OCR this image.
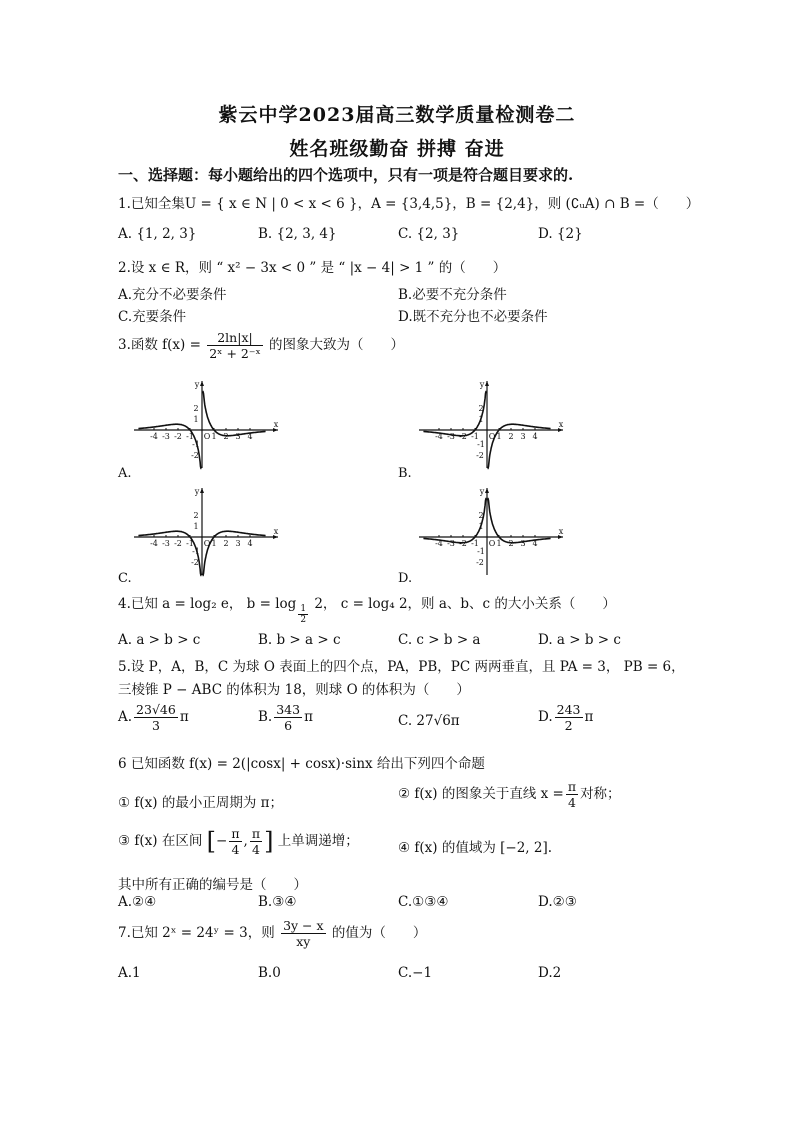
紫云中学2023届高三数学质量检测卷二
姓名班级勤奋 拼搏 奋进
一、选择题：每小题给出的四个选项中，只有一项是符合题目要求的.
1.已知全集U = { x ∈ N | 0 < x < 6 }，A = {3,4,5}，B = {2,4}，则 (∁ᵤA) ∩ B =（　　）
A. {1, 2, 3}	B. {2, 3, 4}	C. {2, 3}	D. {2}
2.设 x ∈ R，则 “ x² − 3x < 0 ” 是 “ |x − 4| > 1 ” 的（　　）
A.充分不必要条件	B.必要不充分条件
C.充要条件	D.既不充分也不必要条件
3.函数 $f(x) = \frac{2\ln|x|}{\text{2ˣ + 2⁻ˣ}}$ 的图象大致为（　　）
x
y
-1 1
-2	2
-3	3
-4	4
O
2
1
-1
-2
x
y
-1 1
-2	2
-3	3
-4	4
O
2
1
-1
-2
x
y
-1 1
-2	2
-3	3
-4	4
O
2
1
-1
-2
x
y
-1 1
-2	2
-3	3
-4	4
O
2
1
-1
-2
A.	B.
C.	D.
4.已知 a = log₂ e， $b = \log \frac{1}{2} 2$， c = log₄ 2，则 a、b、c 的大小关系（　　）
A. a > b > c	B. b > a > c	C. c > b > a	D. a > b > c
5.设 P，A，B，C 为球 O 表面上的四个点，PA，PB，PC 两两垂直，且 PA = 3， PB = 6，
三棱锥 P − ABC 的体积为 18，则球 O 的体积为（　　）
A. $\frac{23√46}{3}$ π	B. $\frac{343}{6}$ π	C. 27√6π	D. $\frac{243}{2}$ π
6 已知函数 f(x) = 2(|cosx| + cosx)·sinx 给出下列四个命题
① f(x) 的最小正周期为 π；
② f(x) 的图象关于直线 $x = \frac{\pi}{4}$ 对称；
③ f(x) 在区间 [− $\frac{\pi}{4}$ , $\frac{\pi}{4}$ ] 上单调递增；	④ f(x) 的值域为 [−2, 2].
其中所有正确的编号是（　　）
A.②④	B.③④	C.①③④	D.②③
7.已知 2ˣ = 24ʸ = 3，则 $\frac{3y - x}{xy}$ 的值为（　　）
A.1	B.0	C.−1	D.2
